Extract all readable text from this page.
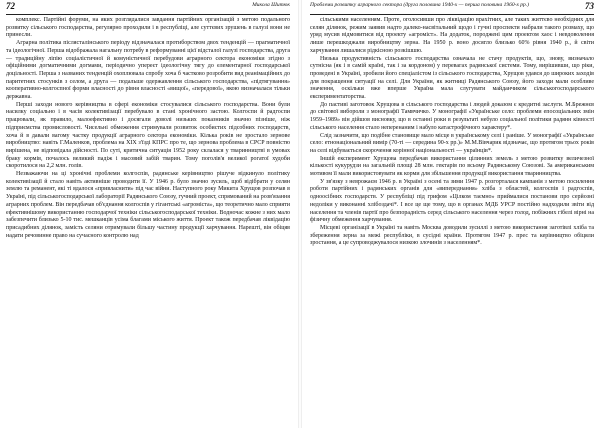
72	Микола Шитюк

комплекс. Партійні форуми, на яких розглядалися завдання партійних організацій з метою подального розвитку сільського господарства, регулярно проходили і в республіці, але суттєвих зрушень в галузі вони не принесли.

Аграрна політика післясталінського періоду відзначалася протиборством двох тенденцій — прагматичної та ідеологічної. Перша відображала нагальну потребу в реформуванні цієї відсталої галузі господарства, друга — традиційну ліпію соціалістичної й комуністичної перебудови аграрного сектора економіки згідно з офіційними догматичними догмами, періодично упереєт ідеологічну тягу до елементарної господарської доцільності. Перша з названих тенденцій охоплювала спробу хоча б частково розробити вид реанімаційних до паритетних стосунків з селом, а друга — подальше одержавлення сільського господарства, «підтягування» кооперативно-колгоспної форми власності до рівня власності «вищої», «передової», якою визначалася тільки державна.

Перші заходи нового керівництва в сфері економіки стосувалися сільського господарства. Вони були насилку соціально і в часів колективізації перебувало в стані хронічного застою. Колгоспи й радгоспи працювали, як правило, малоефективно і досягали доволі низьких показників значно пізніше, ніж підприємства промисловості. Чисельні обмеження стримували розвиток особистих підсобних господарств, хоча й в давали вагому частку продукції аграрного сектора економіки. Кілька років не зростало зернове виробництво: навіть Г.Маленков, проблема на XIX з'їзді КПРС про те, що зернова проблема в СРСР повністю вирішена, не відповідала дійсності. По суті, критична ситуація 1952 року склалася у тваринництві в умовах браку кормів, почалось великий падіж і масовий забій тварин. Тому поголів'я великої рогатої худоби скоротилося на 2,2 млн. голів.

Незважаючи на ці хронічні проблеми колгоспів, радянське керівництво рішуче відкинуло політику колективізації й стало навіть активніше проводити її. У 1946 р. було значно зусиль, щоб відібрати у селян землю та реманент, які ті вдалося «привласнити» під час війни. Наступного року Микита Хрущов розпочав в Україні, під сільськогосподарської лабораторії Радянського Союзу, гучний проект, спрямований на розв'язання аграрних проблем. Він передбачав об'єднання колгоспів у гігантські «агроміста», що теоретично мало сприяти ефективнішому використанню господарчої техніки сільськогосподарської техніки. Водночас кожне з них мало забезпечити близько 5-10 тис. мешканців усіма благами міського життя. Проект також передбачав ліквідацію присадибних ділянок, замість селяни отримували більшу частину продукції харчування. Нарешті, він обіцяв надати речовинне право на сучасного контролю над

Проблеми розвитку аграрного сектора (друга половина 1940-х — перша половина 1960-х рр.)	73

сільськими населенням. Проте, оголосивши про ліквідацію врахітних, але таких життєво необхідних для селян ділянок, режим заявив надто далеко-насвітальний щодо і гучні проспекти набрали такого розмаху, що уряд мусив відмовитися від проекту «агроміст». На додаток, породжені цим проектом хаос і невдоволення лише перешкоджали виробництву зерна. На 1950 р. воно досягло близько 60% рівня 1940 р., й світи харчування лишалися рідкісною розкішшю.

Низька продуктивність сільського господарства означала не стачу продуктів, що, знову, визначало сутнісна (як і в самій країні, так і за кордоном) у перевагах радянської системи. Тому, вирішивши, що ріки, проведені в Україні, зробили його спеціалістом із сільського господарства, Хрущов удався до широких заходів для покращення ситуації на селі. Для України, як житниці Радянського Союзу, його заходи мали особливе значення, оскільки вже вперше Україна мала слугувати майданчиком сільськогосподарського експериментаторства.

До пастиві заготовок Хрущова в сільського господарства і людей доказом є кредитні заслуги. М.Брежнєв до світової вибороли з монографії Тамвчичко. У монографії «Українське село: проблеми епосоціальних змін 1959–1989» він дійшов висновку, що в останні роки в результаті небуло соціальної політики радянн ківності сільського населення стало неперенаним і набуло катастрофічного характеру*.

Слід зазначити, що подібне становище мало місце в українському селі і раніше. У монографії «Українське село: етнонаціональний вимір (70-ті — середина 90-х рр.)» М.М.Вівчарик відзначає, що протягом трьох років на селі відбувається скорочення корінної національності — українців*.

Іншій експеримент Хрущова передбачав використання цілинних земель з метою розвитку величезної кількості кукурудзи на загальній площі 28 млн. гектарів по всьому Радянському Союзові. За американським мотивом її мали використовувати як корми для збільшення продукції використання тваринництва.

У зв'язку з неврожаєм 1946 р. в Україні з осені та зими 1947 р. розгорталася кампанія з метою посилення роботи партійних і радянських органів для «випереднання» хліба з областей, колгоспів і радгоспів, одноосібних господарств. У республіці під грифом «Цілком таємно» приймалися постанови про серйозні недоліки у виконанні хлібоздачі*. І все це ще тому, що в органах МДБ УРСР постійно надходили звіти від населення та членів партії про безпорадність серед сільського населення через голод, побіжних гібелі вірні на фізичну обмеження харчування.

Місцеві організації в Україні та навіть Москва доводили зусиллі з метою використання заготівлі хліба та збереження зерна за межі республіки, в сусідні країни. Протягом 1947 р. прес та керівництво обіцяли зростання, а це супроводжувалося низкою злочинів з населенням*.
